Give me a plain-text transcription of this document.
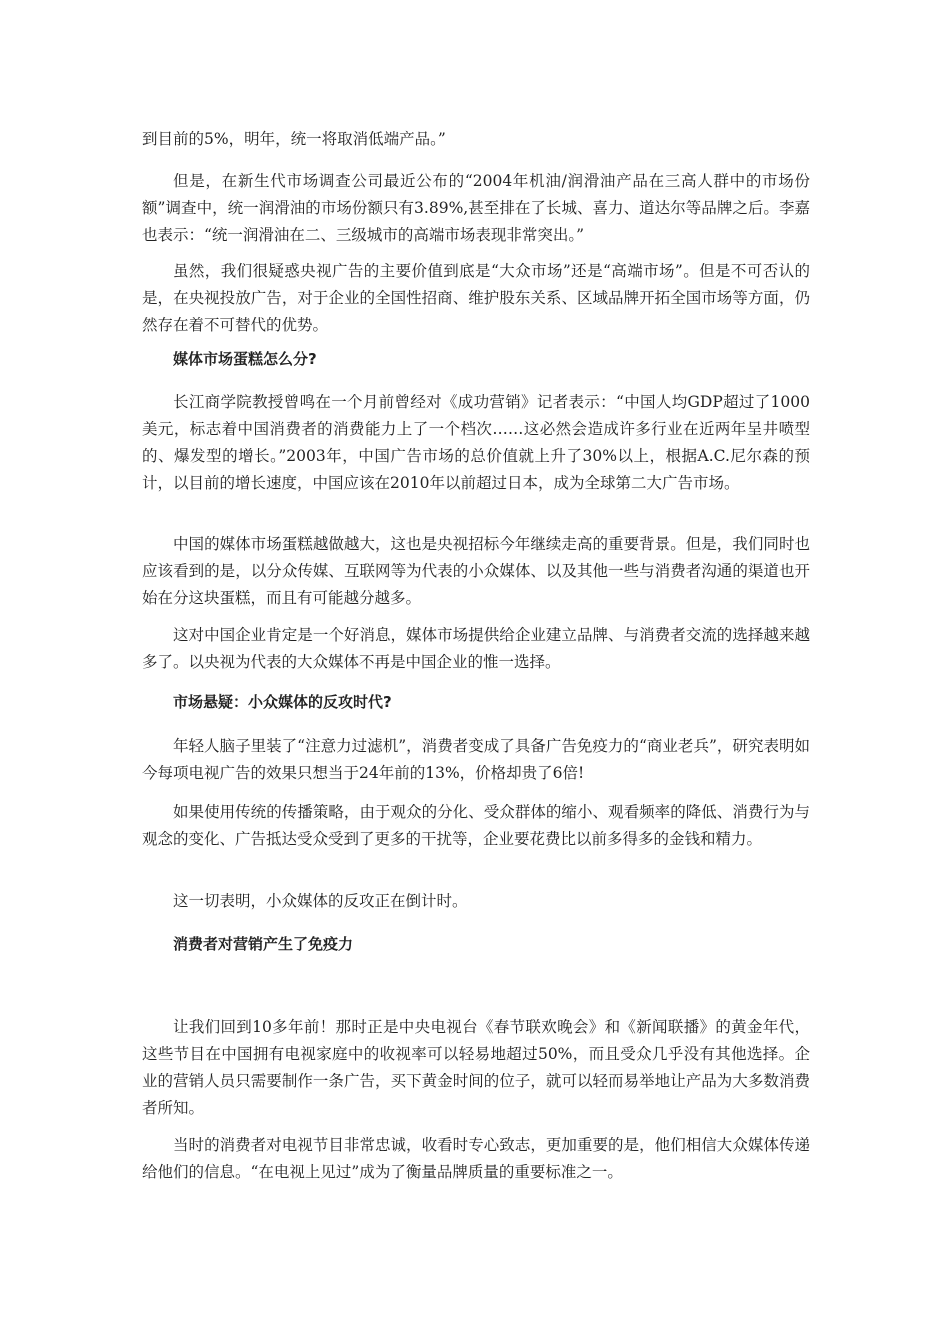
到目前的5%，明年，统一将取消低端产品。”

但是，在新生代市场调查公司最近公布的“2004年机油/润滑油产品在三高人群中的市场份额”调查中，统一润滑油的市场份额只有3.89%,甚至排在了长城、喜力、道达尔等品牌之后。李嘉也表示：“统一润滑油在二、三级城市的高端市场表现非常突出。”

虽然，我们很疑惑央视广告的主要价值到底是“大众市场”还是“高端市场”。但是不可否认的是，在央视投放广告，对于企业的全国性招商、维护股东关系、区域品牌开拓全国市场等方面，仍然存在着不可替代的优势。

媒体市场蛋糕怎么分?

长江商学院教授曾鸣在一个月前曾经对《成功营销》记者表示：“中国人均GDP超过了1000美元，标志着中国消费者的消费能力上了一个档次……这必然会造成许多行业在近两年呈井喷型的、爆发型的增长。”2003年，中国广告市场的总价值就上升了30%以上，根据A.C.尼尔森的预计，以目前的增长速度，中国应该在2010年以前超过日本，成为全球第二大广告市场。

中国的媒体市场蛋糕越做越大，这也是央视招标今年继续走高的重要背景。但是，我们同时也应该看到的是，以分众传媒、互联网等为代表的小众媒体、以及其他一些与消费者沟通的渠道也开始在分这块蛋糕，而且有可能越分越多。

这对中国企业肯定是一个好消息，媒体市场提供给企业建立品牌、与消费者交流的选择越来越多了。以央视为代表的大众媒体不再是中国企业的惟一选择。

市场悬疑：小众媒体的反攻时代?

年轻人脑子里装了“注意力过滤机”，消费者变成了具备广告免疫力的“商业老兵”，研究表明如今每项电视广告的效果只想当于24年前的13%，价格却贵了6倍!

如果使用传统的传播策略，由于观众的分化、受众群体的缩小、观看频率的降低、消费行为与观念的变化、广告抵达受众受到了更多的干扰等，企业要花费比以前多得多的金钱和精力。

这一切表明，小众媒体的反攻正在倒计时。

消费者对营销产生了免疫力

让我们回到10多年前！那时正是中央电视台《春节联欢晚会》和《新闻联播》的黄金年代，这些节目在中国拥有电视家庭中的收视率可以轻易地超过50%，而且受众几乎没有其他选择。企业的营销人员只需要制作一条广告，买下黄金时间的位子，就可以轻而易举地让产品为大多数消费者所知。

当时的消费者对电视节目非常忠诚，收看时专心致志，更加重要的是，他们相信大众媒体传递给他们的信息。“在电视上见过”成为了衡量品牌质量的重要标准之一。
